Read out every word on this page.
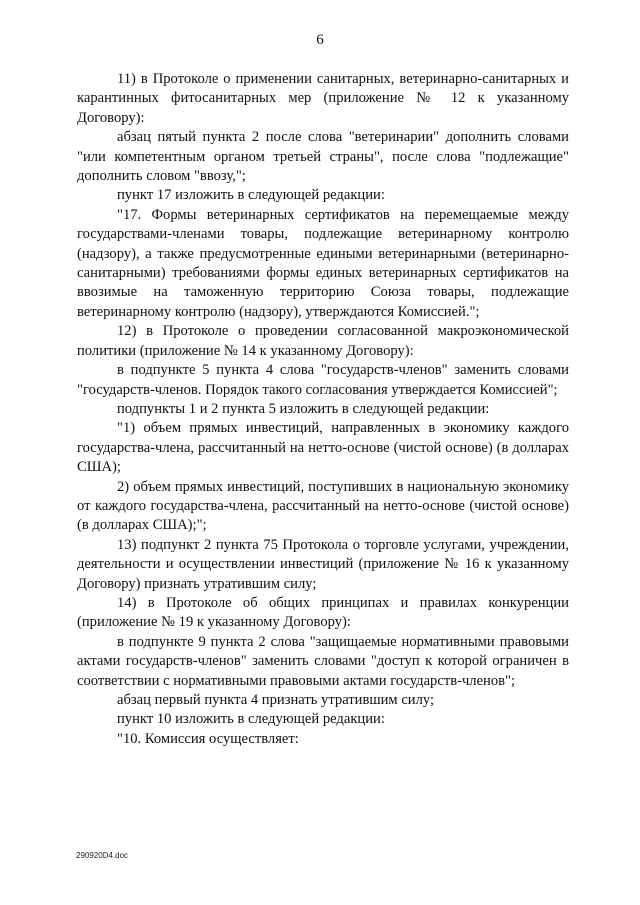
6

11) в Протоколе о применении санитарных, ветеринарно-санитарных и карантинных фитосанитарных мер (приложение № 12 к указанному Договору):

абзац пятый пункта 2 после слова "ветеринарии" дополнить словами "или компетентным органом третьей страны", после слова "подлежащие" дополнить словом "ввозу,";

пункт 17 изложить в следующей редакции:

"17. Формы ветеринарных сертификатов на перемещаемые между государствами-членами товары, подлежащие ветеринарному контролю (надзору), а также предусмотренные едиными ветеринарными (ветеринарно-санитарными) требованиями формы единых ветеринарных сертификатов на ввозимые на таможенную территорию Союза товары, подлежащие ветеринарному контролю (надзору), утверждаются Комиссией.";

12) в Протоколе о проведении согласованной макроэкономической политики (приложение № 14 к указанному Договору):

в подпункте 5 пункта 4 слова "государств-членов" заменить словами "государств-членов. Порядок такого согласования утверждается Комиссией";

подпункты 1 и 2 пункта 5 изложить в следующей редакции:

"1) объем прямых инвестиций, направленных в экономику каждого государства-члена, рассчитанный на нетто-основе (чистой основе) (в долларах США);

2) объем прямых инвестиций, поступивших в национальную экономику от каждого государства-члена, рассчитанный на нетто-основе (чистой основе) (в долларах США);";

13) подпункт 2 пункта 75 Протокола о торговле услугами, учреждении, деятельности и осуществлении инвестиций (приложение № 16 к указанному Договору) признать утратившим силу;

14) в Протоколе об общих принципах и правилах конкуренции (приложение № 19 к указанному Договору):

в подпункте 9 пункта 2 слова "защищаемые нормативными правовыми актами государств-членов" заменить словами "доступ к которой ограничен в соответствии с нормативными правовыми актами государств-членов";

абзац первый пункта 4 признать утратившим силу;

пункт 10 изложить в следующей редакции:

"10. Комиссия осуществляет:

290920D4.doc
